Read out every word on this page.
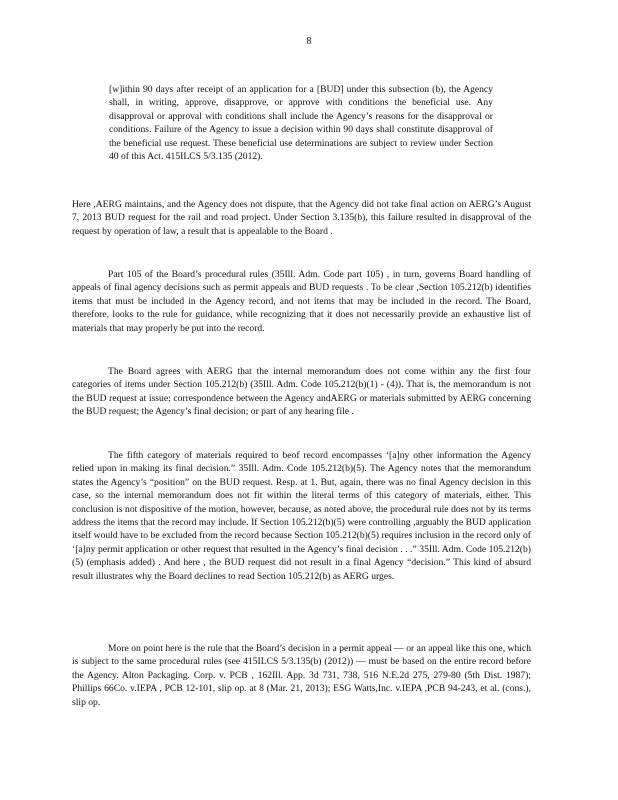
8
[w]ithin 90 days after receipt of an application for a [BUD] under this subsection (b), the Agency shall, in writing, approve, disapprove, or approve with conditions the beneficial use. Any disapproval or approval with conditions shall include the Agency’s reasons for the disapproval or conditions. Failure of the Agency to issue a decision within 90 days shall constitute disapproval of the beneficial use request. These beneficial use determinations are subject to review under Section 40 of this Act. 415ILCS 5/3.135 (2012).
Here ,AERG maintains, and the Agency does not dispute, that the Agency did not take final action on AERG’s August 7, 2013 BUD request for the rail and road project. Under Section 3.135(b), this failure resulted in disapproval of the request by operation of law, a result that is appealable to the Board .
Part 105 of the Board’s procedural rules (35Ill. Adm. Code part 105) , in turn, governs Board handling of appeals of final agency decisions such as permit appeals and BUD requests . To be clear ,Section 105.212(b) identifies items that must be included in the Agency record, and not items that may be included in the record. The Board, therefore, looks to the rule for guidance, while recognizing that it does not necessarily provide an exhaustive list of materials that may properly be put into the record.
The Board agrees with AERG that the internal memorandum does not come within any the first four categories of items under Section 105.212(b) (35Ill. Adm. Code 105.212(b)(1) - (4)). That is, the memorandum is not the BUD request at issue; correspondence between the Agency andAERG or materials submitted by AERG concerning the BUD request; the Agency’s final decision; or part of any hearing file .
The fifth category of materials required to beof record encompasses ‘[a]ny other information the Agency relied upon in making its final decision.” 35Ill. Adm. Code 105.212(b)(5). The Agency notes that the memorandum states the Agency’s “position” on the BUD request. Resp. at 1. But, again, there was no final Agency decision in this case, so the internal memorandum does not fit within the literal terms of this category of materials, either. This conclusion is not dispositive of the motion, however, because, as noted above, the procedural rule does not by its terms address the items that the record may include. If Section 105.212(b)(5) were controlling ,arguably the BUD application itself would have to be excluded from the record because Section 105.212(b)(5) requires inclusion in the record only of ‘[a]ny permit application or other request that resulted in the Agency’s final decision . . .” 35Ill. Adm. Code 105.212(b)(5) (emphasis added) . And here , the BUD request did not result in a final Agency “decision.” This kind of absurd result illustrates why the Board declines to read Section 105.212(b) as AERG urges.
More on point here is the rule that the Board’s decision in a permit appeal — or an appeal like this one, which is subject to the same procedural rules (see 415ILCS 5/3.135(b) (2012)) — must be based on the entire record before the Agency. Alton Packaging. Corp. v. PCB , 162Ill. App. 3d 731, 738, 516 N.E.2d 275, 279-80 (5th Dist. 1987); Phillips 66Co. v.IEPA , PCB 12-101, slip op. at 8 (Mar. 21, 2013); ESG Watts,Inc. v.IEPA ,PCB 94-243, et al. (cons.), slip op.
